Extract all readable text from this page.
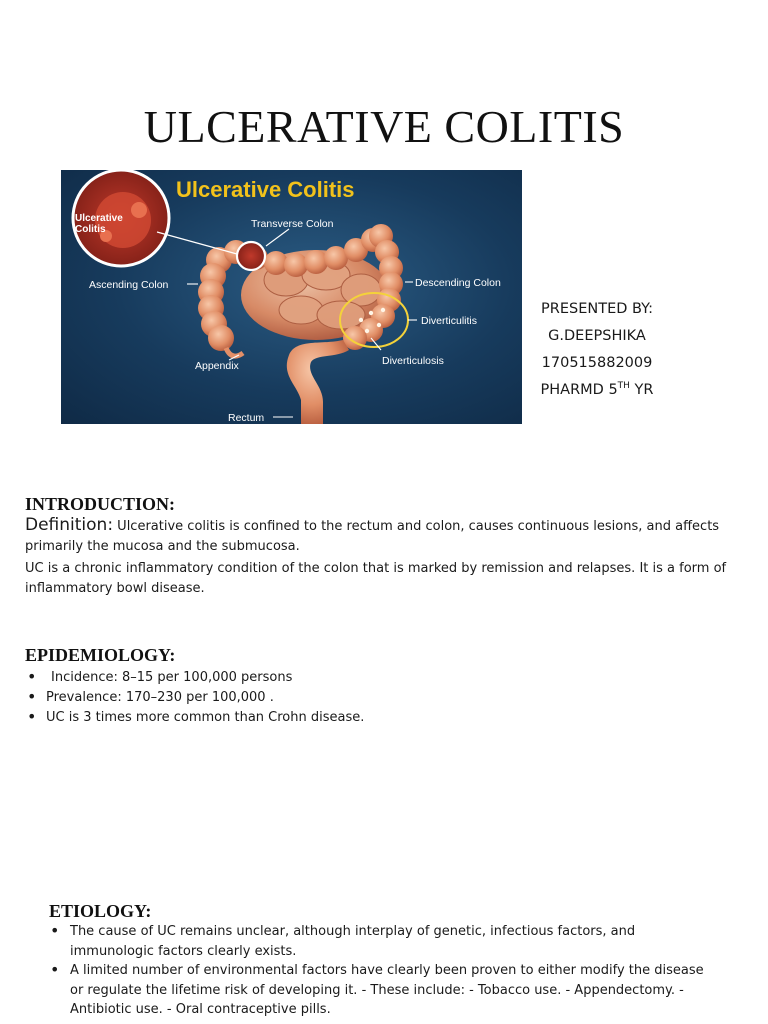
ULCERATIVE COLITIS
Ulcerative Colitis
Ulcerative Colitis	Transverse Colon
Ascending Colon	Descending Colon
Diverticulitis
Appendix	Diverticulosis
Rectum
PRESENTED BY:
G.DEEPSHIKA
170515882009
PHARMD 5TH YR
INTRODUCTION:
Definition: Ulcerative colitis is confined to the rectum and colon, causes continuous lesions, and affects primarily the mucosa and the submucosa.
UC is a chronic inflammatory condition of the colon that is marked by remission and relapses. It is a form of inflammatory bowl disease.
EPIDEMIOLOGY:
• Incidence: 8–15 per 100,000 persons
• Prevalence: 170–230 per 100,000 .
• UC is 3 times more common than Crohn disease.
ETIOLOGY:
• The cause of UC remains unclear, although interplay of genetic, infectious factors, and immunologic factors clearly exists.
• A limited number of environmental factors have clearly been proven to either modify the disease or regulate the lifetime risk of developing it. - These include: - Tobacco use. - Appendectomy. - Antibiotic use. - Oral contraceptive pills.
